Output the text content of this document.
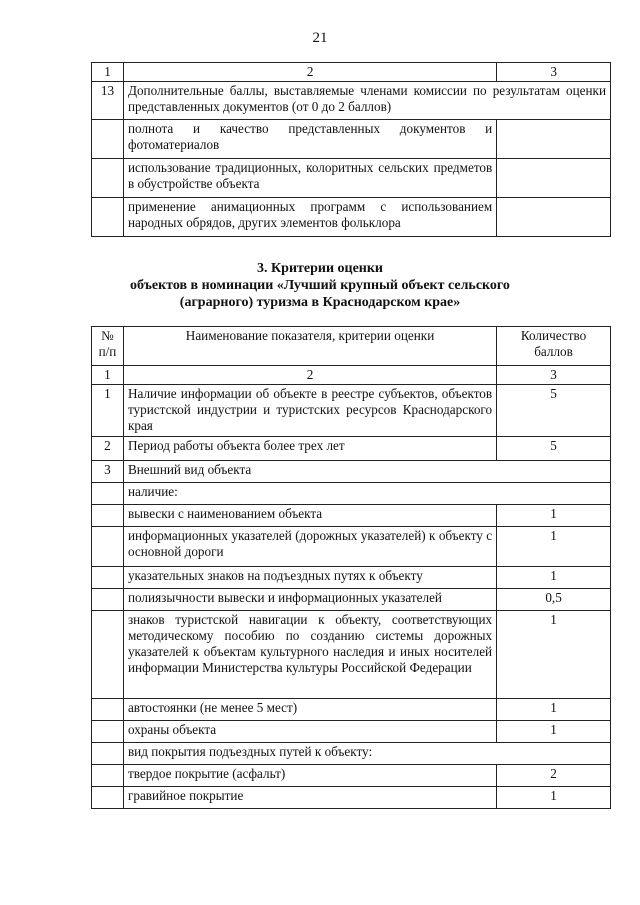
21
1	2	3
13	Дополнительные баллы, выставляемые членами комиссии по результатам оценки представленных документов (от 0 до 2 баллов)	
	полнота и качество представленных документов и фотоматериалов	
	использование традиционных, колоритных сельских предметов в обустройстве объекта	
	применение анимационных программ с использованием народных обрядов, других элементов фольклора	
3. Критерии оценки
объектов в номинации «Лучший крупный объект сельского
(аграрного) туризма в Краснодарском крае»
№ п/п	Наименование показателя, критерии оценки	Количество баллов
1	2	3
1	Наличие информации об объекте в реестре субъектов, объектов туристской индустрии и туристских ресурсов Краснодарского края	5
2	Период работы объекта более трех лет	5
3	Внешний вид объекта	
	наличие:	
	вывески с наименованием объекта	1
	информационных указателей (дорожных указателей) к объекту с основной дороги	1
	указательных знаков на подъездных путях к объекту	1
	полиязычности вывески и информационных указателей	0,5
	знаков туристской навигации к объекту, соответствующих методическому пособию по созданию системы дорожных указателей к объектам культурного наследия и иных носителей информации Министерства культуры Российской Федерации	1
	автостоянки (не менее 5 мест)	1
	охраны объекта	1
	вид покрытия подъездных путей к объекту:	
	твердое покрытие (асфальт)	2
	гравийное покрытие	1
